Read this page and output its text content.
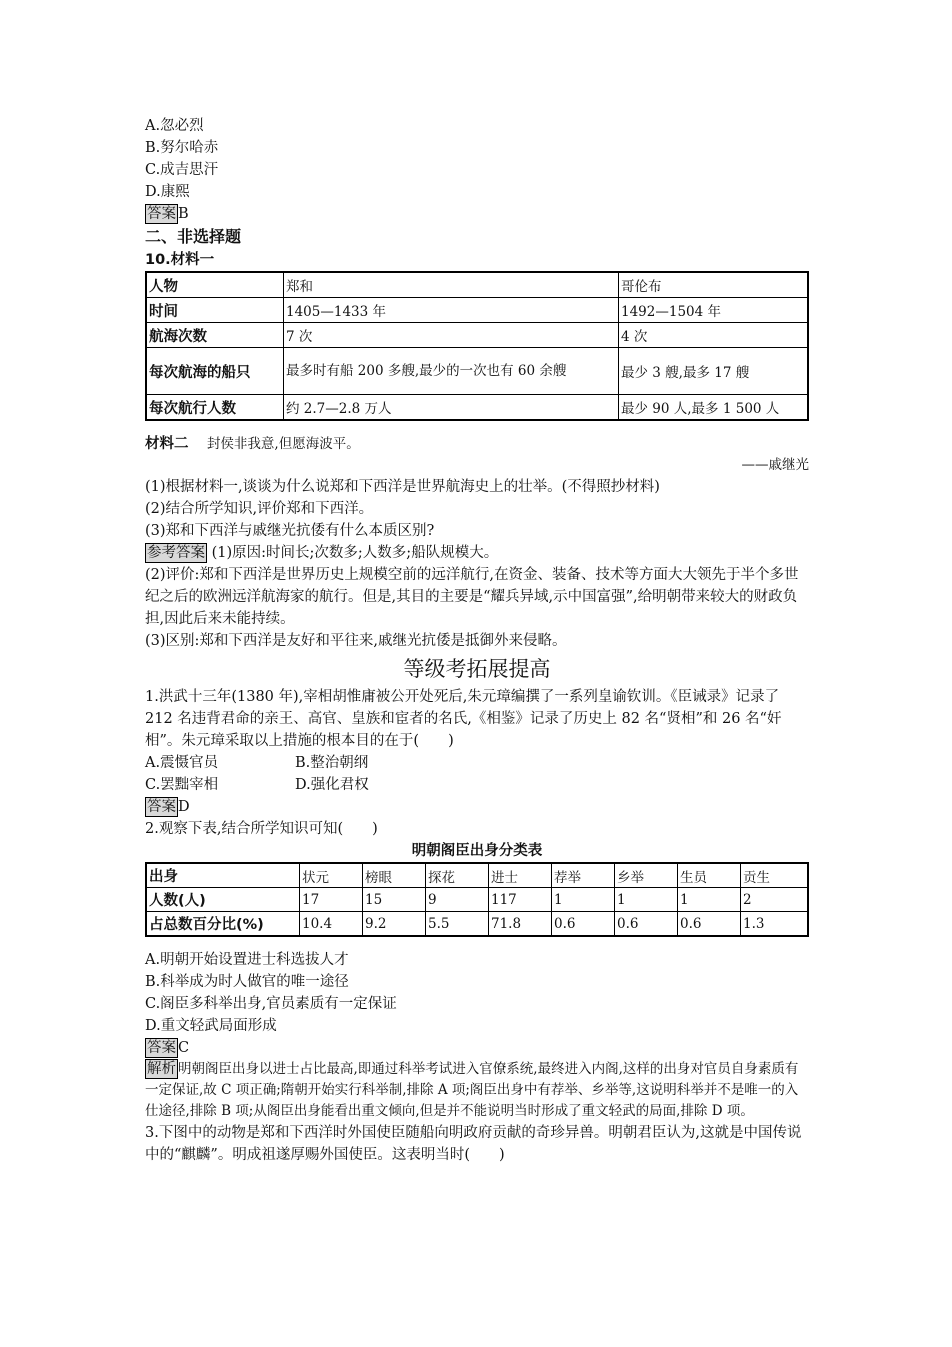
A.忽必烈
B.努尔哈赤
C.成吉思汗
D.康熙
答案 B
二、非选择题
10.材料一
人物	郑和	哥伦布
时间	1405—1433 年	1492—1504 年
航海次数	7 次	4 次
每次航海的船只	最多时有船 200 多艘,最少的一次也有 60 余艘	最少 3 艘,最多 17 艘
每次航行人数	约 2.7—2.8 万人	最少 90 人,最多 1 500 人
材料二 封侯非我意,但愿海波平。
——戚继光
(1)根据材料一,谈谈为什么说郑和下西洋是世界航海史上的壮举。(不得照抄材料)
(2)结合所学知识,评价郑和下西洋。
(3)郑和下西洋与戚继光抗倭有什么本质区别?
参考答案 (1)原因:时间长;次数多;人数多;船队规模大。
(2)评价:郑和下西洋是世界历史上规模空前的远洋航行,在资金、装备、技术等方面大大领先于半个多世纪之后的欧洲远洋航海家的航行。但是,其目的主要是“耀兵异域,示中国富强”,给明朝带来较大的财政负担,因此后来未能持续。
(3)区别:郑和下西洋是友好和平往来,戚继光抗倭是抵御外来侵略。
等级考拓展提高
1.洪武十三年(1380 年),宰相胡惟庸被公开处死后,朱元璋编撰了一系列皇谕钦训。《臣诫录》记录了 212 名违背君命的亲王、高官、皇族和宦者的名氏,《相鉴》记录了历史上 82 名“贤相”和 26 名“奸相”。朱元璋采取以上措施的根本目的在于(　　)
A.震慑官员	B.整治朝纲
C.罢黜宰相	D.强化君权
答案 D
2.观察下表,结合所学知识可知(　　)
明朝阁臣出身分类表
出身	状元	榜眼	探花	进士	荐举	乡举	生员	贡生
人数(人)	17	15	9	117	1	1	1	2
占总数百分比(%)	10.4	9.2	5.5	71.8	0.6	0.6	0.6	1.3
A.明朝开始设置进士科选拔人才
B.科举成为时人做官的唯一途径
C.阁臣多科举出身,官员素质有一定保证
D.重文轻武局面形成
答案 C
解析 明朝阁臣出身以进士占比最高,即通过科举考试进入官僚系统,最终进入内阁,这样的出身对官员自身素质有一定保证,故 C 项正确;隋朝开始实行科举制,排除 A 项;阁臣出身中有荐举、乡举等,这说明科举并不是唯一的入仕途径,排除 B 项;从阁臣出身能看出重文倾向,但是并不能说明当时形成了重文轻武的局面,排除 D 项。
3.下图中的动物是郑和下西洋时外国使臣随船向明政府贡献的奇珍异兽。明朝君臣认为,这就是中国传说中的“麒麟”。明成祖遂厚赐外国使臣。这表明当时(　　)
